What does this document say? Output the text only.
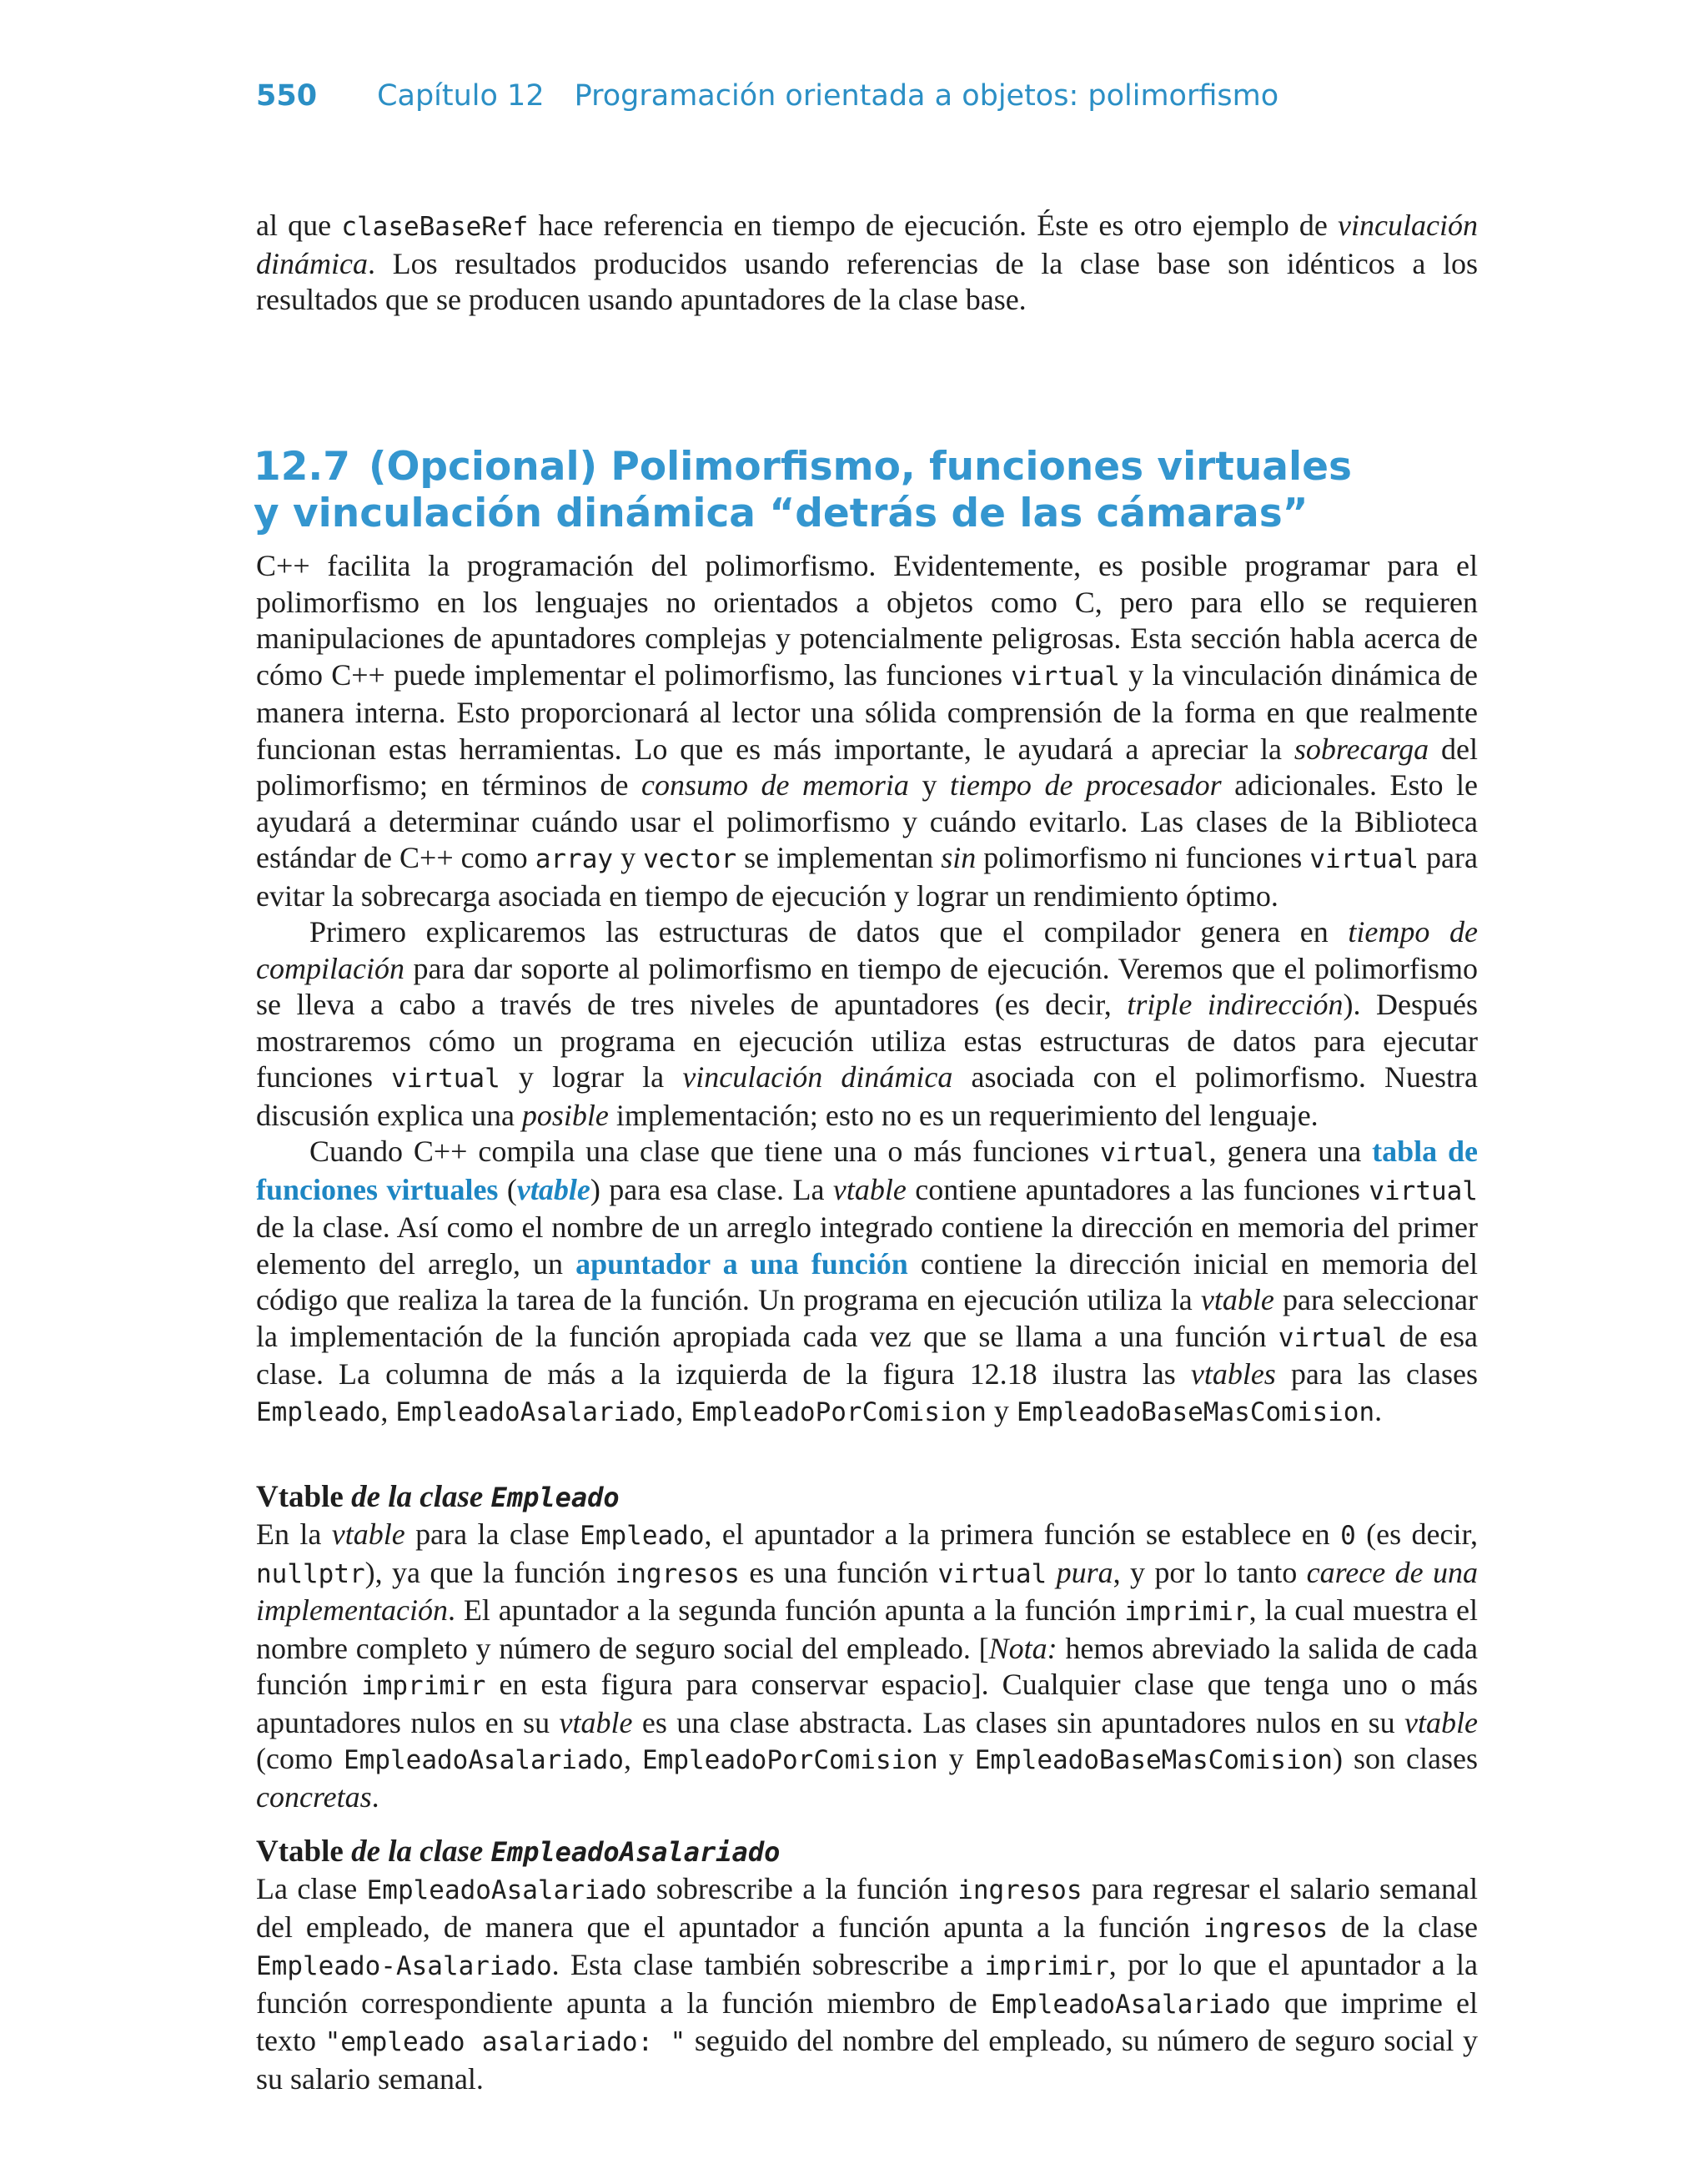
550 Capítulo 12 Programación orientada a objetos: polimorfismo

al que claseBaseRef hace referencia en tiempo de ejecución. Éste es otro ejemplo de vinculación dinámica. Los resultados producidos usando referencias de la clase base son idénticos a los resultados que se producen usando apuntadores de la clase base.

12.7 (Opcional) Polimorfismo, funciones virtuales
y vinculación dinámica “detrás de las cámaras”

C++ facilita la programación del polimorfismo. Evidentemente, es posible programar para el polimorfismo en los lenguajes no orientados a objetos como C, pero para ello se requieren manipulaciones de apuntadores complejas y potencialmente peligrosas. Esta sección habla acerca de cómo C++ puede implementar el polimorfismo, las funciones virtual y la vinculación dinámica de manera interna. Esto proporcionará al lector una sólida comprensión de la forma en que realmente funcionan estas herramientas. Lo que es más importante, le ayudará a apreciar la sobrecarga del polimorfismo; en términos de consumo de memoria y tiempo de procesador adicionales. Esto le ayudará a determinar cuándo usar el polimorfismo y cuándo evitarlo. Las clases de la Biblioteca estándar de C++ como array y vector se implementan sin polimorfismo ni funciones virtual para evitar la sobrecarga asociada en tiempo de ejecución y lograr un rendimiento óptimo.

Primero explicaremos las estructuras de datos que el compilador genera en tiempo de compilación para dar soporte al polimorfismo en tiempo de ejecución. Veremos que el polimorfismo se lleva a cabo a través de tres niveles de apuntadores (es decir, triple indirección). Después mostraremos cómo un programa en ejecución utiliza estas estructuras de datos para ejecutar funciones virtual y lograr la vinculación dinámica asociada con el polimorfismo. Nuestra discusión explica una posible implementación; esto no es un requerimiento del lenguaje.

Cuando C++ compila una clase que tiene una o más funciones virtual, genera una tabla de funciones virtuales (vtable) para esa clase. La vtable contiene apuntadores a las funciones virtual de la clase. Así como el nombre de un arreglo integrado contiene la dirección en memoria del primer elemento del arreglo, un apuntador a una función contiene la dirección inicial en memoria del código que realiza la tarea de la función. Un programa en ejecución utiliza la vtable para seleccionar la implementación de la función apropiada cada vez que se llama a una función virtual de esa clase. La columna de más a la izquierda de la figura 12.18 ilustra las vtables para las clases Empleado, EmpleadoAsalariado, EmpleadoPorComision y EmpleadoBaseMasComision.

Vtable de la clase Empleado

En la vtable para la clase Empleado, el apuntador a la primera función se establece en 0 (es decir, nullptr), ya que la función ingresos es una función virtual pura, y por lo tanto carece de una implementación. El apuntador a la segunda función apunta a la función imprimir, la cual muestra el nombre completo y número de seguro social del empleado. [Nota: hemos abreviado la salida de cada función imprimir en esta figura para conservar espacio]. Cualquier clase que tenga uno o más apuntadores nulos en su vtable es una clase abstracta. Las clases sin apuntadores nulos en su vtable (como EmpleadoAsalariado, EmpleadoPorComision y EmpleadoBaseMasComision) son clases concretas.

Vtable de la clase EmpleadoAsalariado

La clase EmpleadoAsalariado sobrescribe a la función ingresos para regresar el salario semanal del empleado, de manera que el apuntador a función apunta a la función ingresos de la clase Empleado-Asalariado. Esta clase también sobrescribe a imprimir, por lo que el apuntador a la función correspondiente apunta a la función miembro de EmpleadoAsalariado que imprime el texto "empleado asalariado: " seguido del nombre del empleado, su número de seguro social y su salario semanal.
